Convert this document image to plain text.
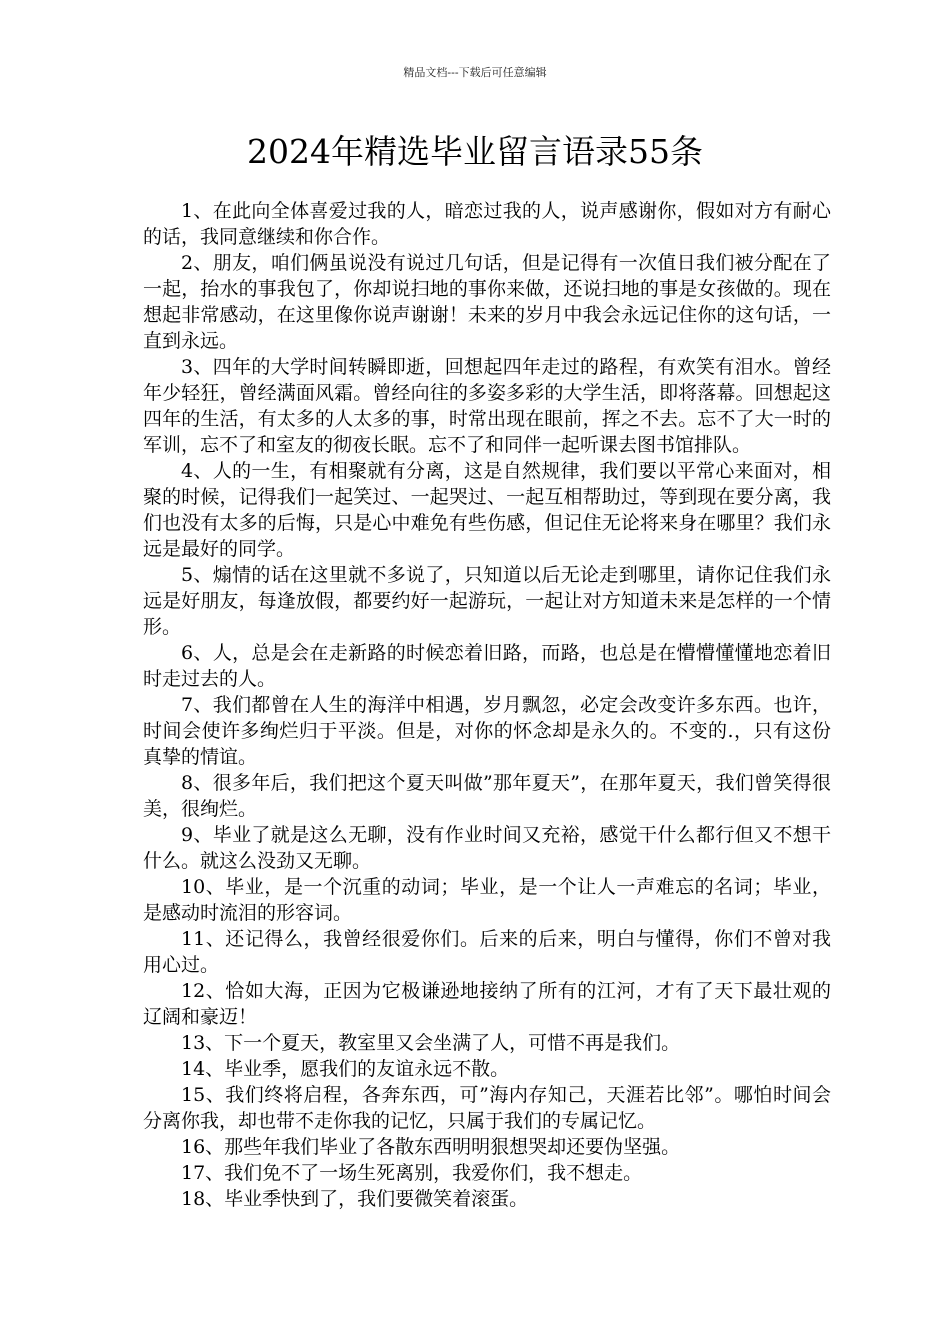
精品文档---下载后可任意编辑
2024年精选毕业留言语录55条

1、在此向全体喜爱过我的人，暗恋过我的人，说声感谢你，假如对方有耐心的话，我同意继续和你合作。

2、朋友，咱们俩虽说没有说过几句话，但是记得有一次值日我们被分配在了一起，抬水的事我包了，你却说扫地的事你来做，还说扫地的事是女孩做的。现在想起非常感动，在这里像你说声谢谢！未来的岁月中我会永远记住你的这句话，一直到永远。

3、四年的大学时间转瞬即逝，回想起四年走过的路程，有欢笑有泪水。曾经年少轻狂，曾经满面风霜。曾经向往的多姿多彩的大学生活，即将落幕。回想起这四年的生活，有太多的人太多的事，时常出现在眼前，挥之不去。忘不了大一时的军训，忘不了和室友的彻夜长眠。忘不了和同伴一起听课去图书馆排队。

4、人的一生，有相聚就有分离，这是自然规律，我们要以平常心来面对，相聚的时候，记得我们一起笑过、一起哭过、一起互相帮助过，等到现在要分离，我们也没有太多的后悔，只是心中难免有些伤感，但记住无论将来身在哪里？我们永远是最好的同学。

5、煽情的话在这里就不多说了，只知道以后无论走到哪里，请你记住我们永远是好朋友，每逢放假，都要约好一起游玩，一起让对方知道未来是怎样的一个情形。

6、人，总是会在走新路的时候恋着旧路，而路，也总是在懵懵懂懂地恋着旧时走过去的人。

7、我们都曾在人生的海洋中相遇，岁月飘忽，必定会改变许多东西。也许，时间会使许多绚烂归于平淡。但是，对你的怀念却是永久的。不变的.，只有这份真挚的情谊。

8、很多年后，我们把这个夏天叫做”那年夏天”，在那年夏天，我们曾笑得很美，很绚烂。

9、毕业了就是这么无聊，没有作业时间又充裕，感觉干什么都行但又不想干什么。就这么没劲又无聊。

10、毕业，是一个沉重的动词；毕业，是一个让人一声难忘的名词；毕业，是感动时流泪的形容词。

11、还记得么，我曾经很爱你们。后来的后来，明白与懂得，你们不曾对我用心过。

12、恰如大海，正因为它极谦逊地接纳了所有的江河，才有了天下最壮观的辽阔和豪迈！

13、下一个夏天，教室里又会坐满了人，可惜不再是我们。

14、毕业季，愿我们的友谊永远不散。

15、我们终将启程，各奔东西，可”海内存知己，天涯若比邻”。哪怕时间会分离你我，却也带不走你我的记忆，只属于我们的专属记忆。

16、那些年我们毕业了各散东西明明狠想哭却还要伪坚强。

17、我们免不了一场生死离别，我爱你们，我不想走。

18、毕业季快到了，我们要微笑着滚蛋。
